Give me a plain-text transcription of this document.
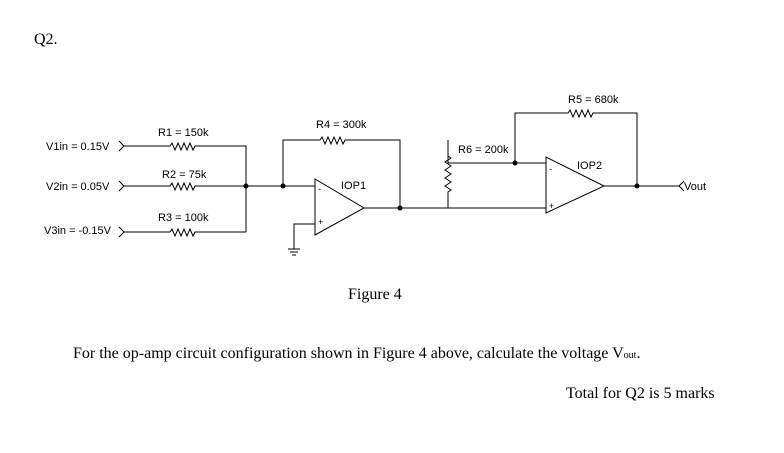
Q2.
V1in = 0.15V
V2in = 0.05V
V3in = -0.15V
R1 = 150k
R2 = 75k
R3 = 100k
R4 = 300k
IOP1
-
+
R6 = 200k
R5 = 680k
IOP2
-
+
Vout
Figure 4
For the op-amp circuit configuration shown in Figure 4 above, calculate the voltage Vout.
Total for Q2 is 5 marks
